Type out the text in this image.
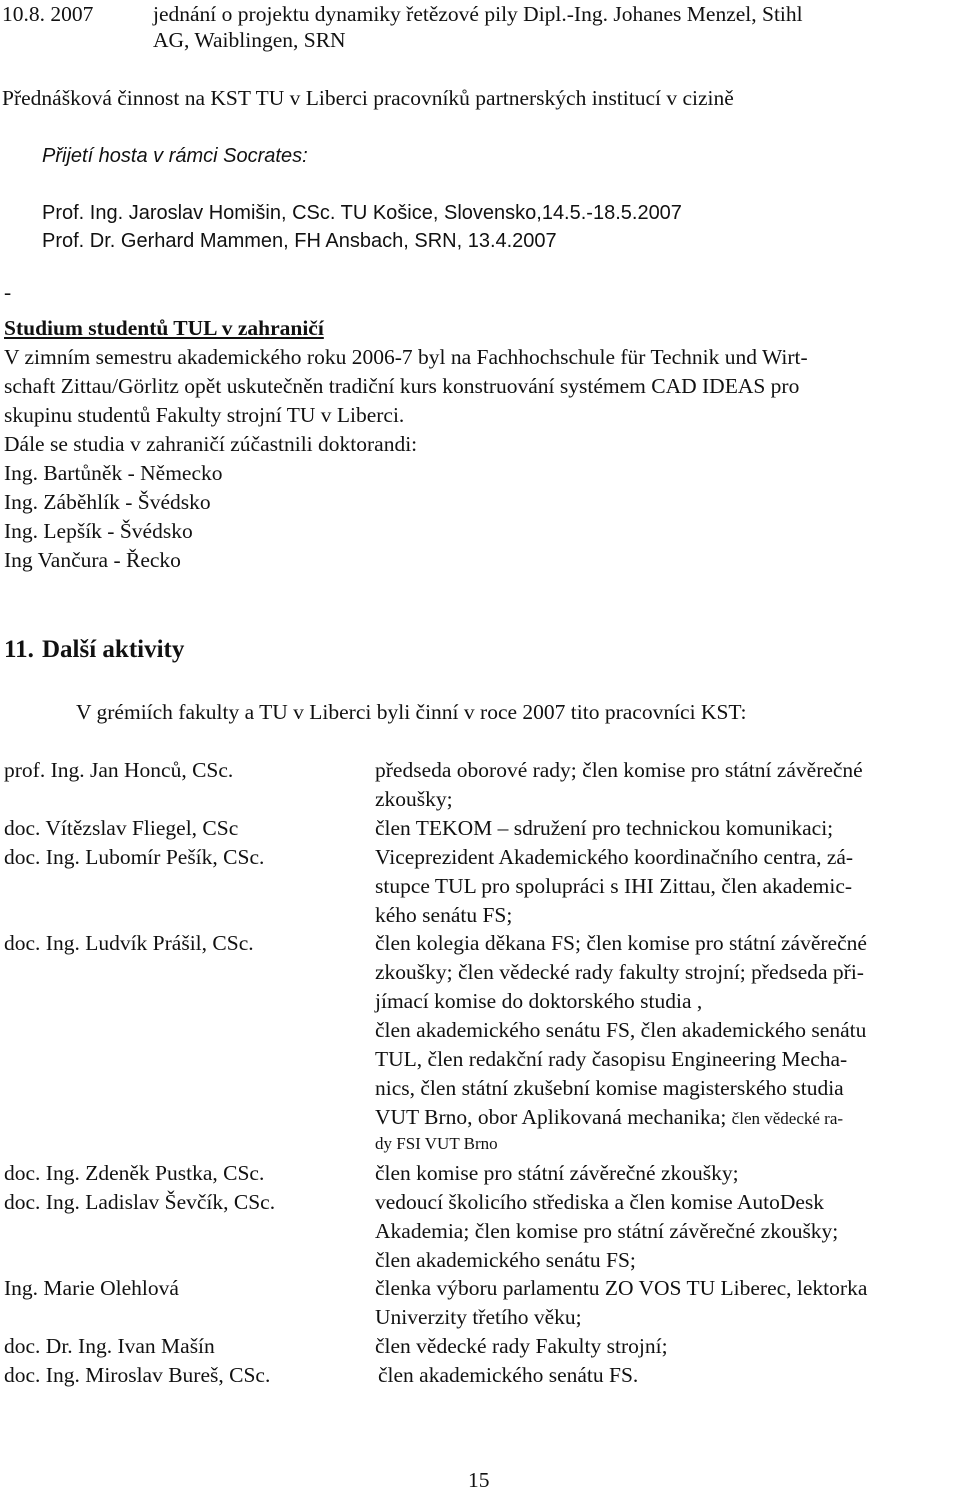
10.8. 2007	jednání o projektu dynamiky řetězové pily Dipl.-Ing. Johanes Menzel, Stihl
AG, Waiblingen, SRN
Přednášková činnost na KST TU v Liberci pracovníků partnerských institucí v cizině
Přijetí hosta v rámci Socrates:
Prof. Ing. Jaroslav Homišin, CSc. TU Košice, Slovensko,14.5.-18.5.2007
Prof. Dr. Gerhard Mammen, FH Ansbach, SRN, 13.4.2007
-
Studium studentů TUL v zahraničí
V zimním semestru akademického roku 2006-7 byl na Fachhochschule für Technik und Wirt-
schaft Zittau/Görlitz opět uskutečněn tradiční kurs konstruování systémem CAD IDEAS pro
skupinu studentů Fakulty strojní TU v Liberci.
Dále se studia v zahraničí zúčastnili doktorandi:
Ing. Bartůněk - Německo
Ing. Záběhlík - Švédsko
Ing. Lepšík - Švédsko
Ing Vančura - Řecko
11. Další aktivity
V grémiích fakulty a TU v Liberci byli činní v roce 2007 tito pracovníci KST:
prof. Ing. Jan Honců, CSc.
doc. Vítězslav Fliegel, CSc
doc. Ing. Lubomír Pešík, CSc.
doc. Ing. Ludvík Prášil, CSc.
doc. Ing. Zdeněk Pustka, CSc.
doc. Ing. Ladislav Ševčík, CSc.
Ing. Marie Olehlová
doc. Dr. Ing. Ivan Mašín
doc. Ing. Miroslav Bureš, CSc.
předseda oborové rady; člen komise pro státní závěrečné
zkoušky;
člen TEKOM – sdružení pro technickou komunikaci;
Viceprezident Akademického koordinačního centra, zá-
stupce TUL pro spolupráci s IHI Zittau, člen akademic-
kého senátu FS;
člen kolegia děkana FS; člen komise pro státní závěrečné
zkoušky; člen vědecké rady fakulty strojní; předseda při-
jímací komise do doktorského studia ,
člen akademického senátu FS, člen akademického senátu
TUL, člen redakční rady časopisu Engineering Mecha-
nics, člen státní zkušební komise magisterského studia
VUT Brno, obor Aplikovaná mechanika; člen vědecké ra-
dy FSI VUT Brno
člen komise pro státní závěrečné zkoušky;
vedoucí školicího střediska a člen komise AutoDesk
Akademia; člen komise pro státní závěrečné zkoušky;
člen akademického senátu FS;
členka výboru parlamentu ZO VOS TU Liberec, lektorka
Univerzity třetího věku;
člen vědecké rady Fakulty strojní;
člen akademického senátu FS.
15
